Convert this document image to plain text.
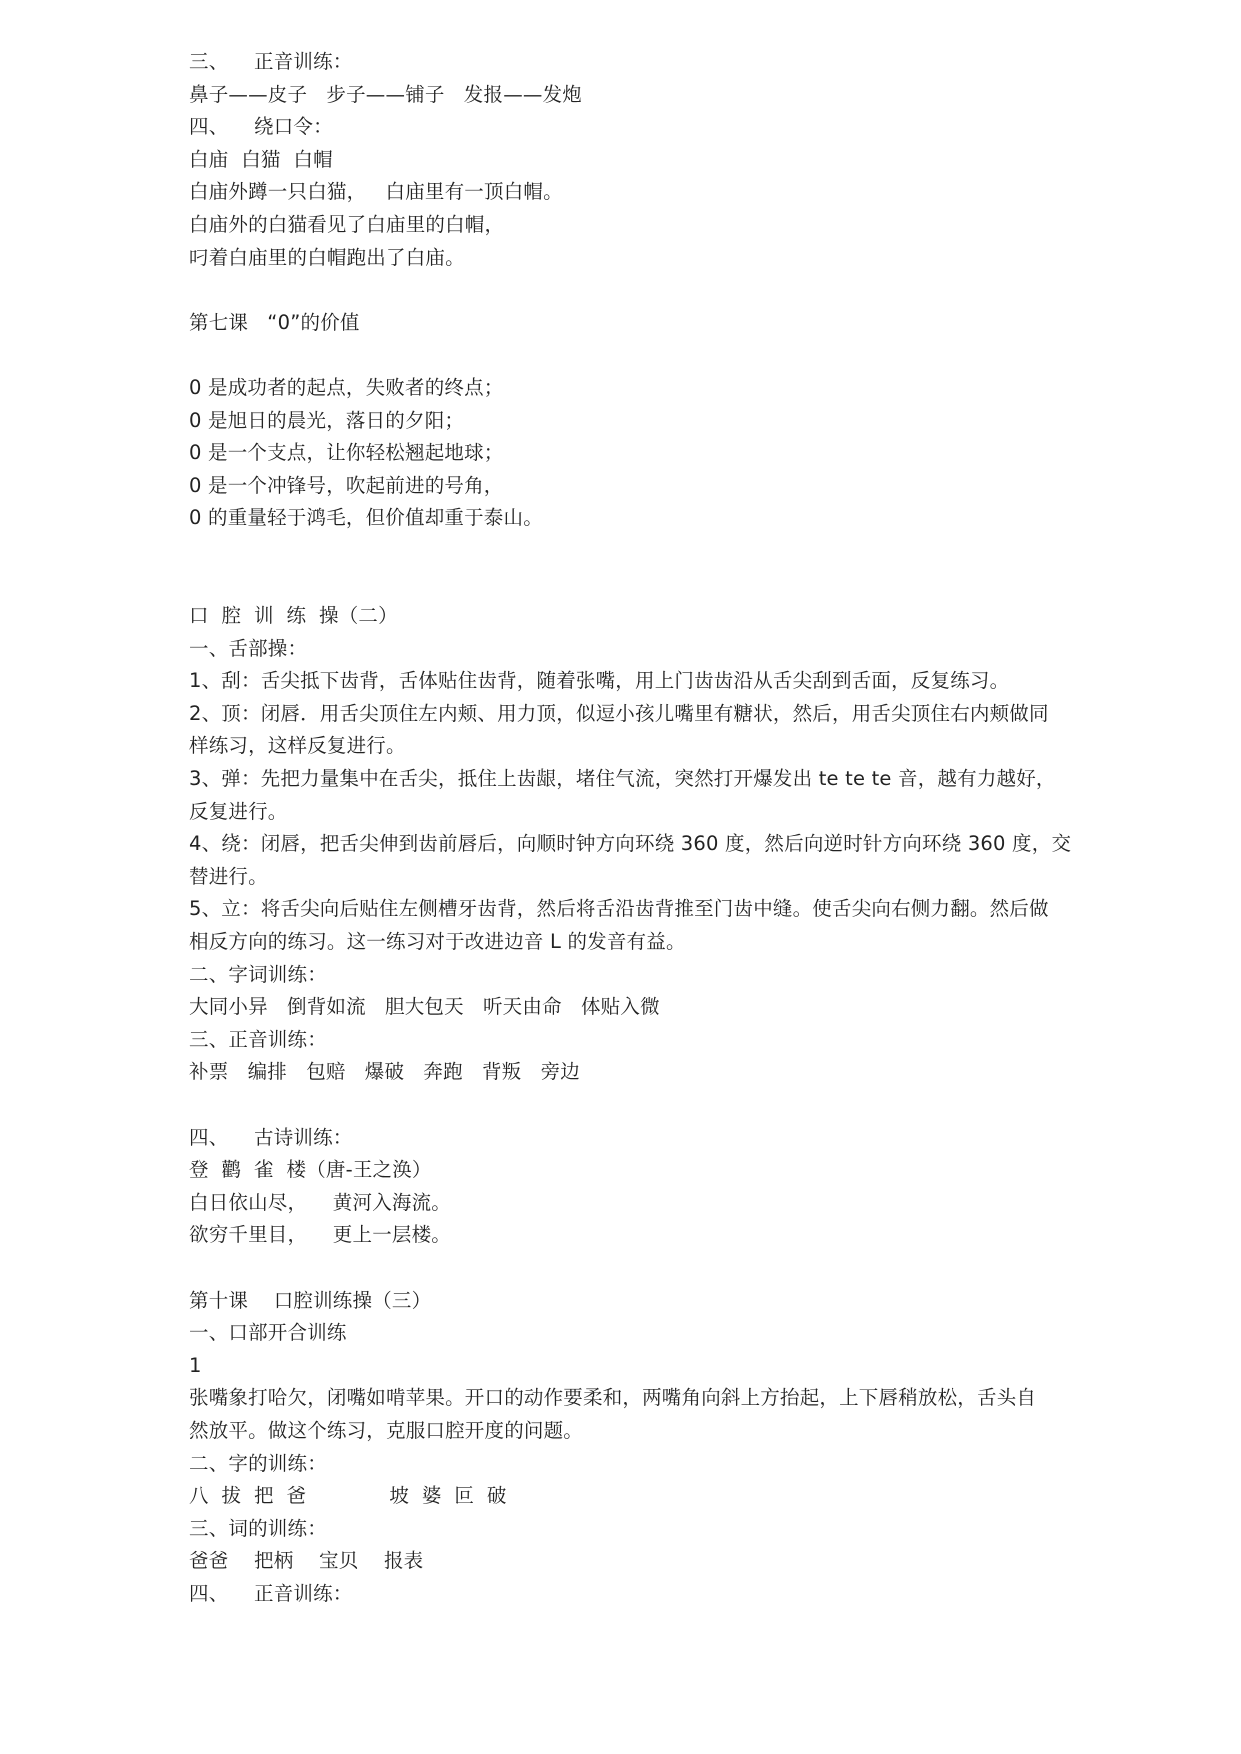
三、    正音训练：
鼻子——皮子   步子——铺子   发报——发炮
四、    绕口令：
白庙  白猫  白帽
白庙外蹲一只白猫，   白庙里有一顶白帽。
白庙外的白猫看见了白庙里的白帽，
叼着白庙里的白帽跑出了白庙。
第七课   “0”的价值
0 是成功者的起点，失败者的终点；
0 是旭日的晨光，落日的夕阳；
0 是一个支点，让你轻松翘起地球；
0 是一个冲锋号，吹起前进的号角，
0 的重量轻于鸿毛，但价值却重于泰山。
口  腔  训  练  操（二）
一、舌部操：
1、刮：舌尖抵下齿背，舌体贴住齿背，随着张嘴，用上门齿齿沿从舌尖刮到舌面，反复练习。
2、顶：闭唇．用舌尖顶住左内颊、用力顶，似逗小孩儿嘴里有糖状，然后，用舌尖顶住右内颊做同
样练习，这样反复进行。
3、弹：先把力量集中在舌尖，抵住上齿龈，堵住气流，突然打开爆发出 te te te 音，越有力越好，
反复进行。
4、绕：闭唇，把舌尖伸到齿前唇后，向顺时钟方向环绕 360 度，然后向逆时针方向环绕 360 度，交
替进行。
5、立：将舌尖向后贴住左侧槽牙齿背，然后将舌沿齿背推至门齿中缝。使舌尖向右侧力翻。然后做
相反方向的练习。这一练习对于改进边音 L 的发音有益。
二、字词训练：
大同小异   倒背如流   胆大包天   听天由命   体贴入微
三、正音训练：
补票   编排   包赔   爆破   奔跑   背叛   旁边
四、    古诗训练：
登  鹳  雀  楼（唐-王之涣）
白日依山尽，    黄河入海流。
欲穷千里目，    更上一层楼。
第十课    口腔训练操（三）
一、口部开合训练
1
张嘴象打哈欠，闭嘴如啃苹果。开口的动作要柔和，两嘴角向斜上方抬起，上下唇稍放松，舌头自
然放平。做这个练习，克服口腔开度的问题。
二、字的训练：
八  拔  把  爸             坡  婆  叵  破
三、词的训练：
爸爸    把柄    宝贝    报表
四、    正音训练：
